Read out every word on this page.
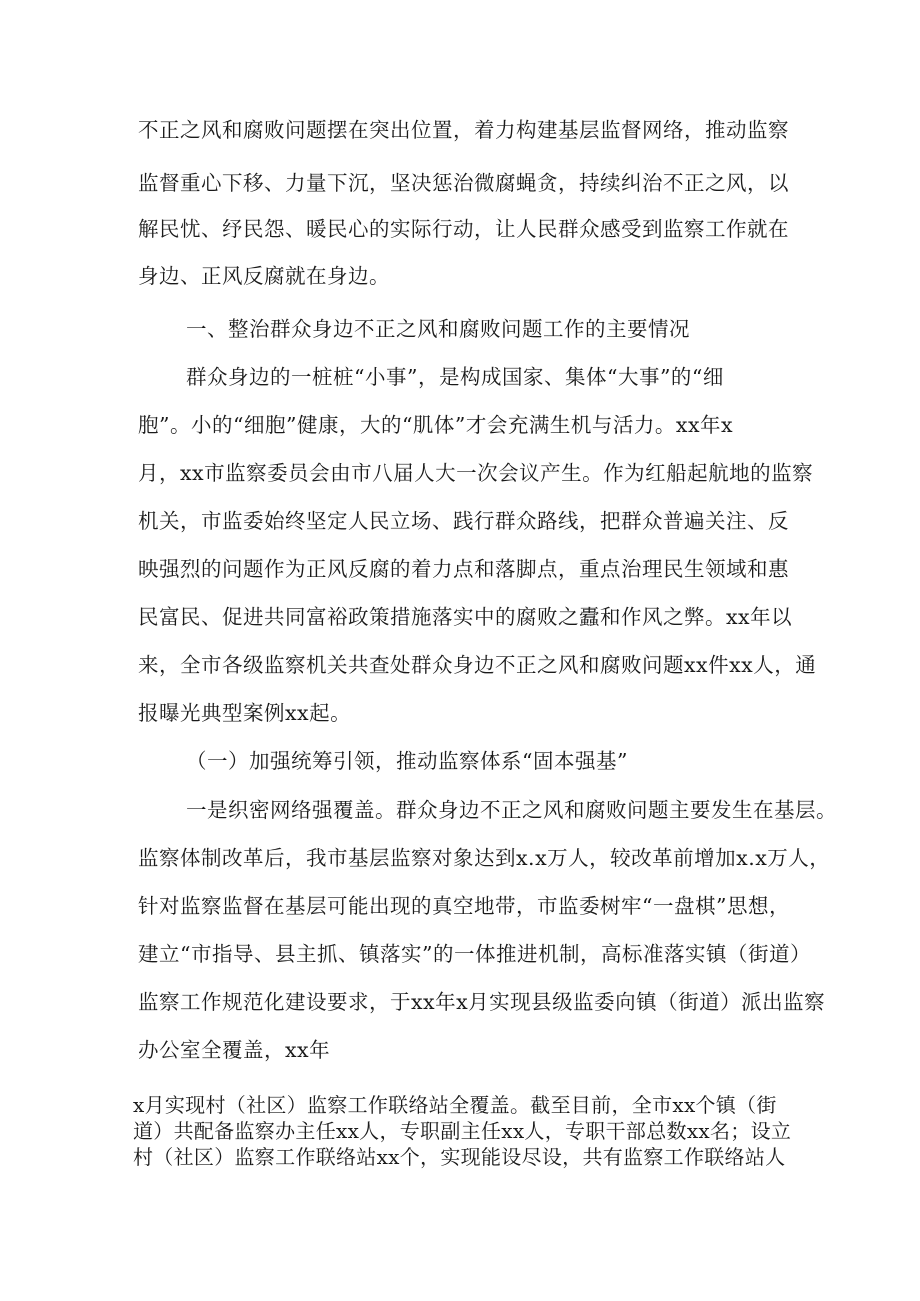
不正之风和腐败问题摆在突出位置，着力构建基层监督网络，推动监察
监督重心下移、力量下沉，坚决惩治微腐蝇贪，持续纠治不正之风，以
解民忧、纾民怨、暖民心的实际行动，让人民群众感受到监察工作就在
身边、正风反腐就在身边。
一、整治群众身边不正之风和腐败问题工作的主要情况
群众身边的一桩桩“小事”，是构成国家、集体“大事”的“细
胞”。小的“细胞”健康，大的“肌体”才会充满生机与活力。xx年x
月，xx市监察委员会由市八届人大一次会议产生。作为红船起航地的监察
机关，市监委始终坚定人民立场、践行群众路线，把群众普遍关注、反
映强烈的问题作为正风反腐的着力点和落脚点，重点治理民生领域和惠
民富民、促进共同富裕政策措施落实中的腐败之蠹和作风之弊。xx年以
来，全市各级监察机关共查处群众身边不正之风和腐败问题xx件xx人，通
报曝光典型案例xx起。
（一）加强统筹引领，推动监察体系“固本强基”
一是织密网络强覆盖。群众身边不正之风和腐败问题主要发生在基层。
监察体制改革后，我市基层监察对象达到x.x万人，较改革前增加x.x万人，
针对监察监督在基层可能出现的真空地带，市监委树牢“一盘棋”思想，
建立“市指导、县主抓、镇落实”的一体推进机制，高标准落实镇（街道）
监察工作规范化建设要求，于xx年x月实现县级监委向镇（街道）派出监察
办公室全覆盖，xx年
x月实现村（社区）监察工作联络站全覆盖。截至目前，全市xx个镇（街
道）共配备监察办主任xx人，专职副主任xx人，专职干部总数xx名；设立
村（社区）监察工作联络站xx个，实现能设尽设，共有监察工作联络站人
